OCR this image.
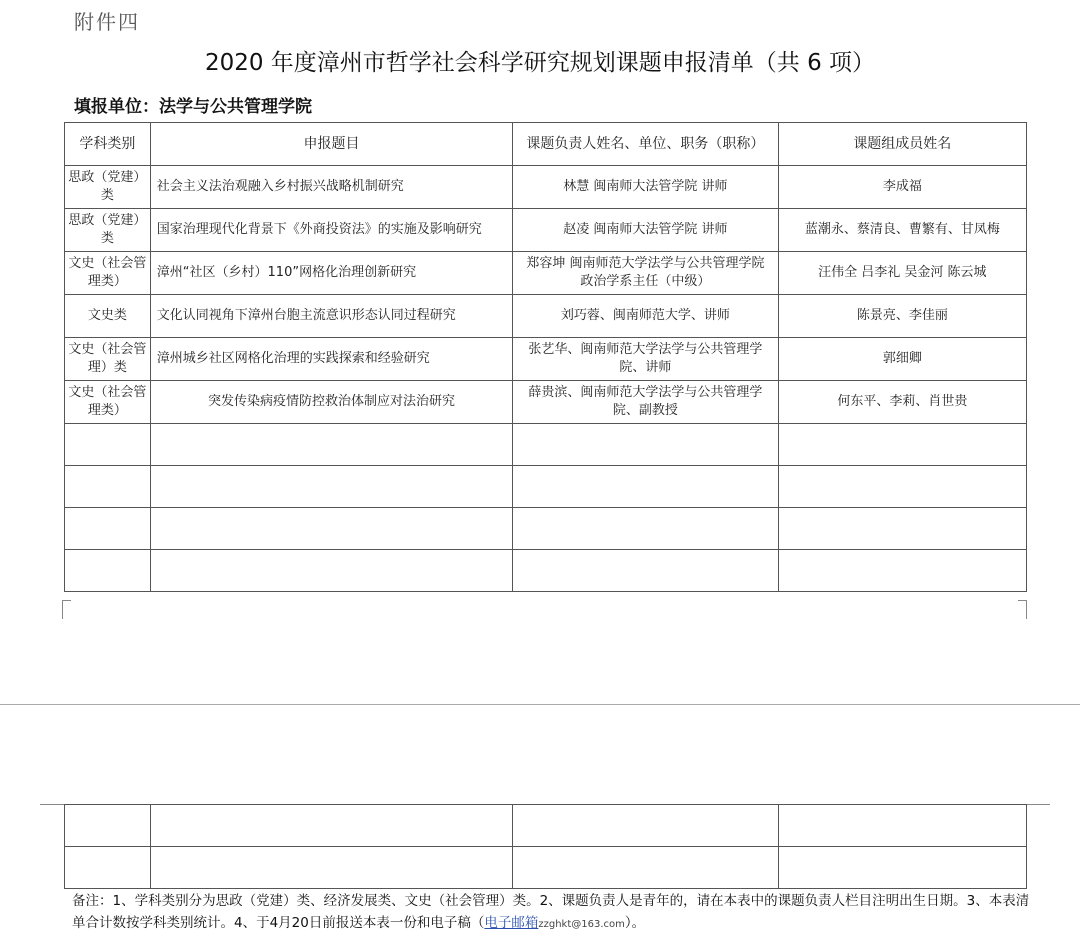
附件四
2020 年度漳州市哲学社会科学研究规划课题申报清单（共 6 项）
填报单位：法学与公共管理学院
学科类别	申报题目	课题负责人姓名、单位、职务（职称）	课题组成员姓名
思政（党建）类	社会主义法治观融入乡村振兴战略机制研究	林慧 闽南师大法管学院 讲师	李成福
思政（党建）类	国家治理现代化背景下《外商投资法》的实施及影响研究	赵凌 闽南师大法管学院 讲师	蓝潮永、蔡清良、曹繁有、甘凤梅
文史（社会管理类）	漳州“社区（乡村）110”网格化治理创新研究	郑容坤 闽南师范大学法学与公共管理学院 政治学系主任（中级）	汪伟全 吕李礼 吴金河 陈云城
文史类	文化认同视角下漳州台胞主流意识形态认同过程研究	刘巧蓉、闽南师范大学、讲师	陈景亮、李佳丽
文史（社会管理）类	漳州城乡社区网格化治理的实践探索和经验研究	张艺华、闽南师范大学法学与公共管理学院、讲师	郭细卿
文史（社会管理类）	突发传染病疫情防控救治体制应对法治研究	薛贵滨、闽南师范大学法学与公共管理学院、副教授	何东平、李莉、肖世贵

备注：1、学科类别分为思政（党建）类、经济发展类、文史（社会管理）类。2、课题负责人是青年的，请在本表中的课题负责人栏目注明出生日期。3、本表清单合计数按学科类别统计。4、于4月20日前报送本表一份和电子稿（电子邮箱zzghkt@163.com）。
